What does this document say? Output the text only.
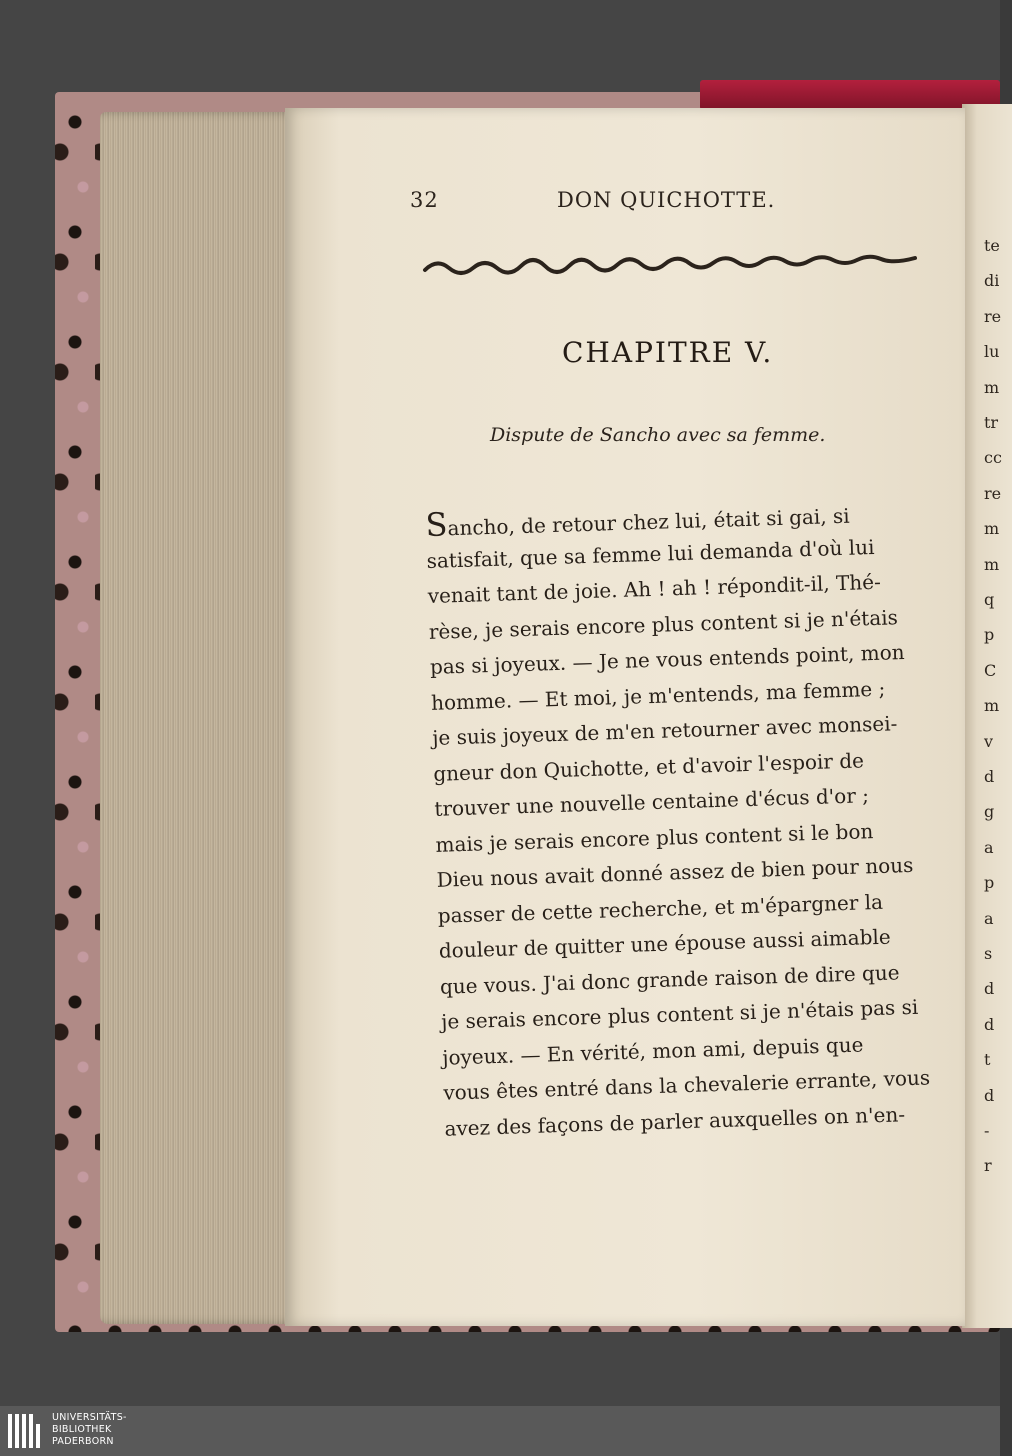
te
di
re
lu
m
tr
cc
re
m
m
q
p
C
m
v
d
g
a
p
a
s
d
d
t
d
-
r
32	DON QUICHOTTE.
CHAPITRE V.
Dispute de Sancho avec sa femme.
Sancho, de retour chez lui, était si gai, si
satisfait, que sa femme lui demanda d'où lui
venait tant de joie. Ah ! ah ! répondit-il, Thé-
rèse, je serais encore plus content si je n'étais
pas si joyeux. — Je ne vous entends point, mon
homme. — Et moi, je m'entends, ma femme ;
je suis joyeux de m'en retourner avec monsei-
gneur don Quichotte, et d'avoir l'espoir de
trouver une nouvelle centaine d'écus d'or ;
mais je serais encore plus content si le bon
Dieu nous avait donné assez de bien pour nous
passer de cette recherche, et m'épargner la
douleur de quitter une épouse aussi aimable
que vous. J'ai donc grande raison de dire que
je serais encore plus content si je n'étais pas si
joyeux. — En vérité, mon ami, depuis que
vous êtes entré dans la chevalerie errante, vous
avez des façons de parler auxquelles on n'en-
UNIVERSITÄTS-
BIBLIOTHEK
PADERBORN
